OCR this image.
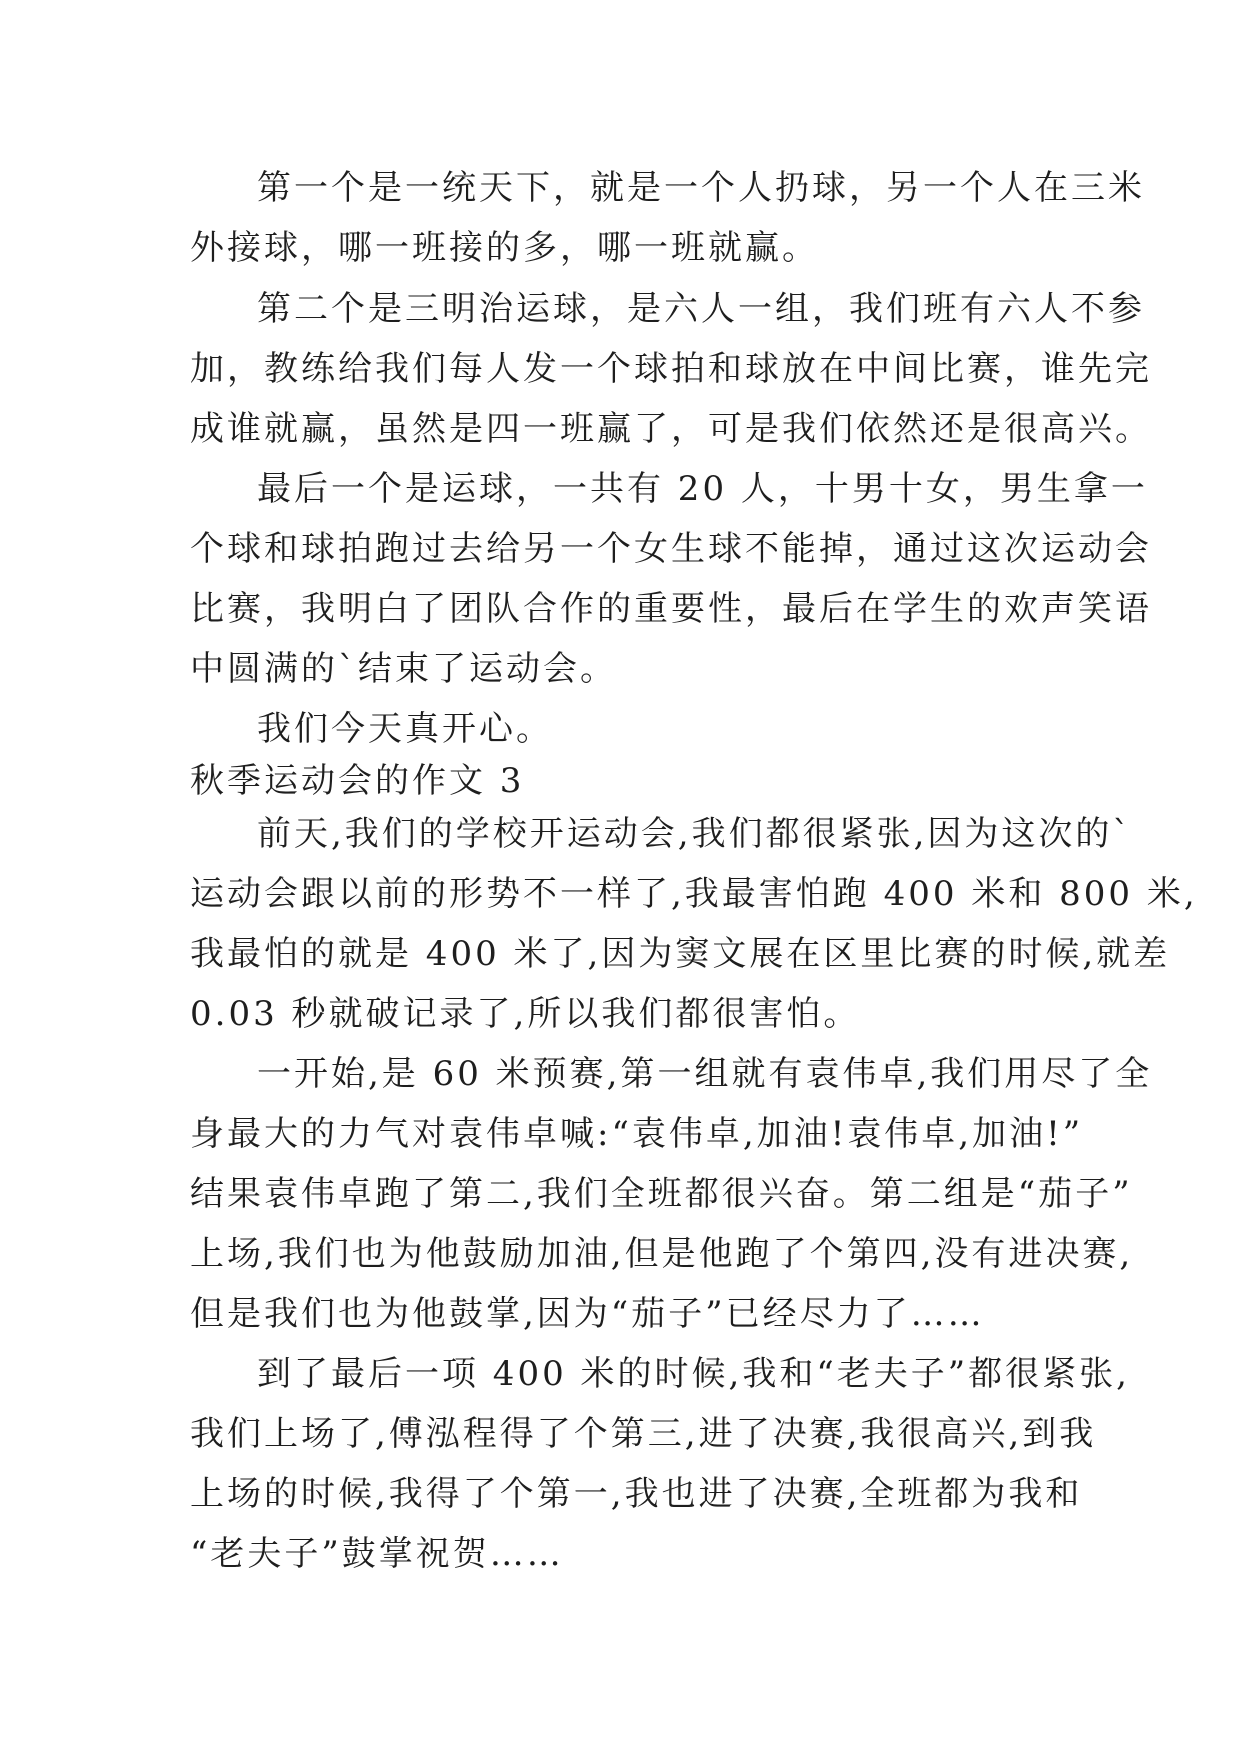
第一个是一统天下，就是一个人扔球，另一个人在三米
外接球，哪一班接的多，哪一班就赢。
第二个是三明治运球，是六人一组，我们班有六人不参
加，教练给我们每人发一个球拍和球放在中间比赛，谁先完
成谁就赢，虽然是四一班赢了，可是我们依然还是很高兴。
最后一个是运球，一共有 20 人，十男十女，男生拿一
个球和球拍跑过去给另一个女生球不能掉，通过这次运动会
比赛，我明白了团队合作的重要性，最后在学生的欢声笑语
中圆满的`结束了运动会。
我们今天真开心。
秋季运动会的作文 3
前天,我们的学校开运动会,我们都很紧张,因为这次的`
运动会跟以前的形势不一样了,我最害怕跑 400 米和 800 米,
我最怕的就是 400 米了,因为窦文展在区里比赛的时候,就差
0.03 秒就破记录了,所以我们都很害怕。
一开始,是 60 米预赛,第一组就有袁伟卓,我们用尽了全
身最大的力气对袁伟卓喊:“袁伟卓,加油!袁伟卓,加油!”
结果袁伟卓跑了第二,我们全班都很兴奋。第二组是“茄子”
上场,我们也为他鼓励加油,但是他跑了个第四,没有进决赛,
但是我们也为他鼓掌,因为“茄子”已经尽力了……
到了最后一项 400 米的时候,我和“老夫子”都很紧张,
我们上场了,傅泓程得了个第三,进了决赛,我很高兴,到我
上场的时候,我得了个第一,我也进了决赛,全班都为我和
“老夫子”鼓掌祝贺……
